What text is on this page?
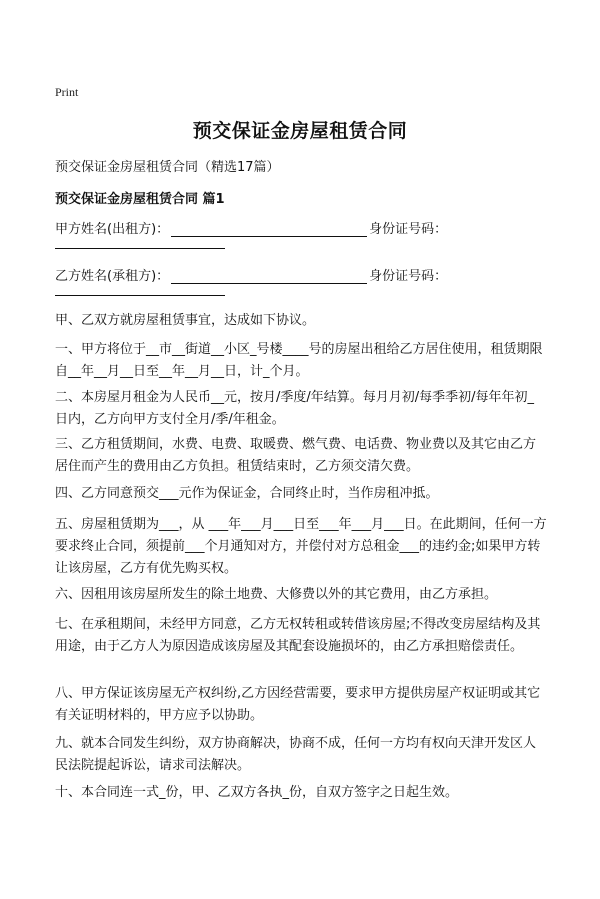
Print
预交保证金房屋租赁合同
预交保证金房屋租赁合同（精选17篇）
预交保证金房屋租赁合同 篇1
甲方姓名(出租方)：	身份证号码：
乙方姓名(承租方)：	身份证号码：
甲、乙双方就房屋租赁事宜，达成如下协议。
一、甲方将位于__市__街道__小区_号楼____号的房屋出租给乙方居住使用，租赁期限自__年__月__日至__年__月__日，计_个月。
二、本房屋月租金为人民币__元，按月/季度/年结算。每月月初/每季季初/每年年初_日内，乙方向甲方支付全月/季/年租金。
三、乙方租赁期间，水费、电费、取暖费、燃气费、电话费、物业费以及其它由乙方居住而产生的费用由乙方负担。租赁结束时，乙方须交清欠费。
四、乙方同意预交___元作为保证金，合同终止时，当作房租冲抵。
五、房屋租赁期为___，从 ___年___月___日至___年___月___日。在此期间，任何一方要求终止合同，须提前___个月通知对方，并偿付对方总租金___的违约金;如果甲方转让该房屋，乙方有优先购买权。
六、因租用该房屋所发生的除土地费、大修费以外的其它费用，由乙方承担。
七、在承租期间，未经甲方同意，乙方无权转租或转借该房屋;不得改变房屋结构及其用途，由于乙方人为原因造成该房屋及其配套设施损坏的，由乙方承担赔偿责任。
八、甲方保证该房屋无产权纠纷,乙方因经营需要，要求甲方提供房屋产权证明或其它有关证明材料的，甲方应予以协助。
九、就本合同发生纠纷，双方协商解决，协商不成，任何一方均有权向天津开发区人民法院提起诉讼，请求司法解决。
十、本合同连一式_份，甲、乙双方各执_份，自双方签字之日起生效。
